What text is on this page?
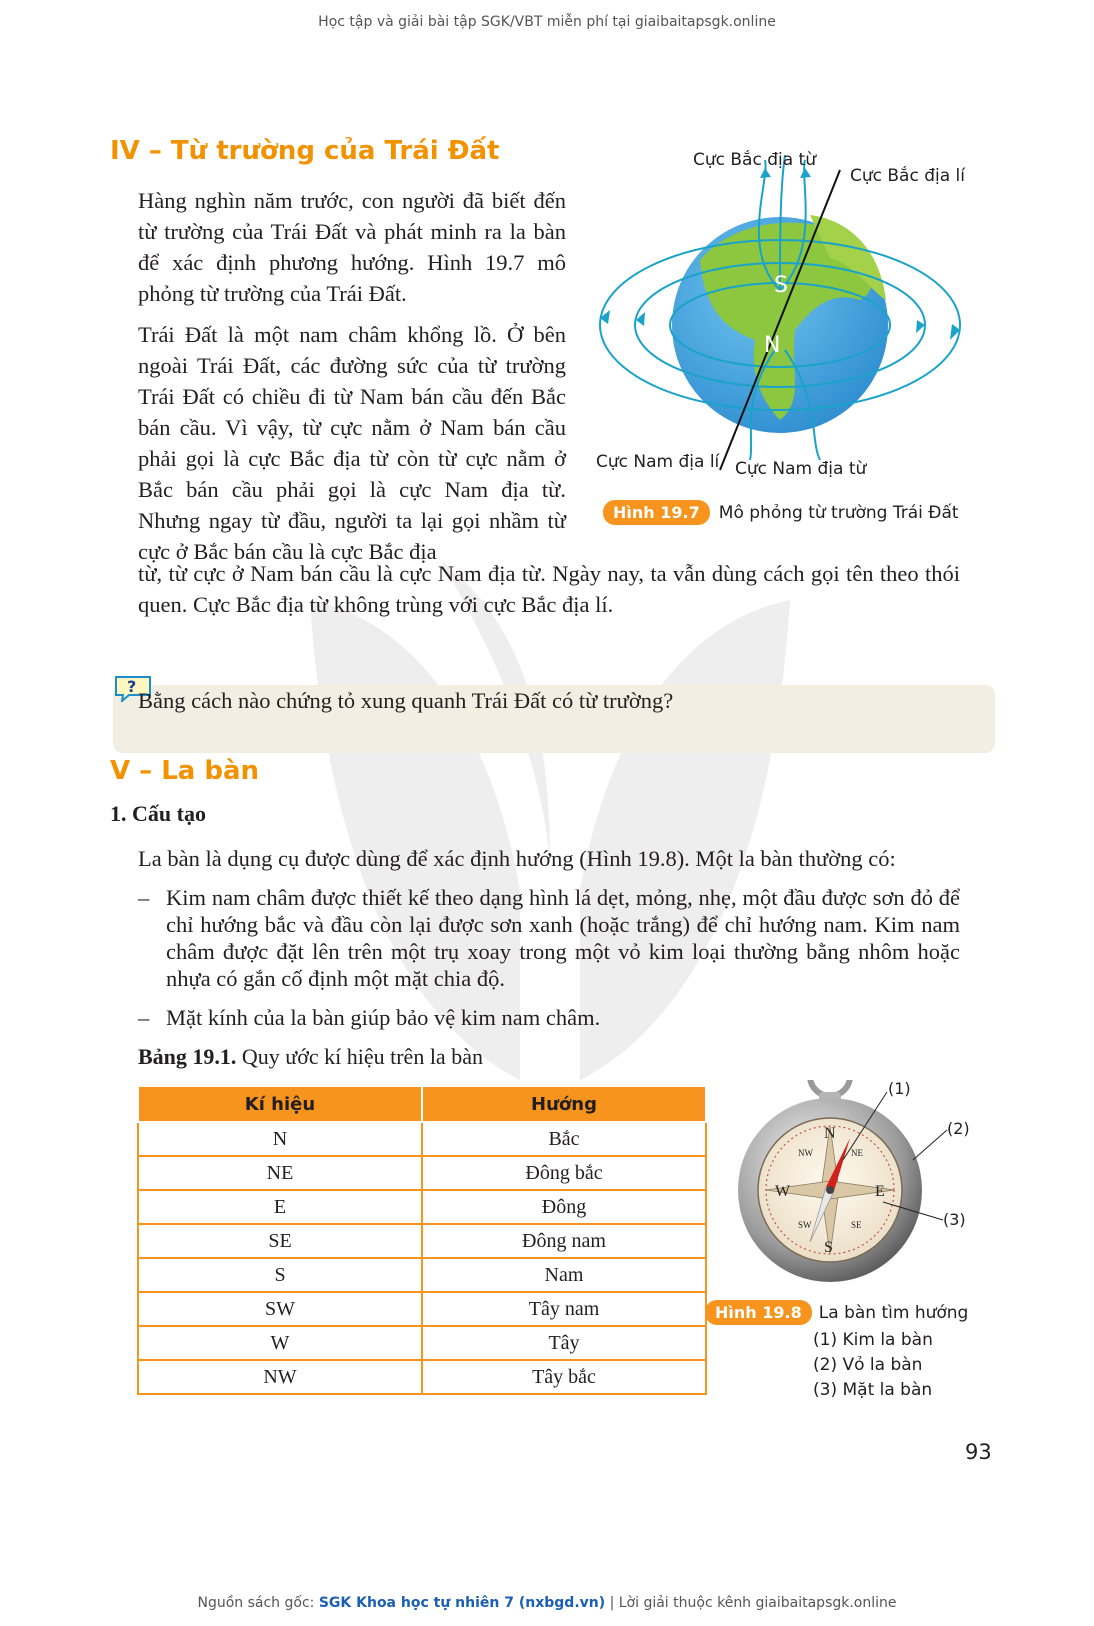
Học tập và giải bài tập SGK/VBT miễn phí tại giaibaitapsgk.online
IV – Từ trường của Trái Đất

Hàng nghìn năm trước, con người đã biết đến từ trường của Trái Đất và phát minh ra la bàn để xác định phương hướng. Hình 19.7 mô phỏng từ trường của Trái Đất.

Trái Đất là một nam châm khổng lồ. Ở bên ngoài Trái Đất, các đường sức của từ trường Trái Đất có chiều đi từ Nam bán cầu đến Bắc bán cầu. Vì vậy, từ cực nằm ở Nam bán cầu phải gọi là cực Bắc địa từ còn từ cực nằm ở Bắc bán cầu phải gọi là cực Nam địa từ. Nhưng ngay từ đầu, người ta lại gọi nhầm từ cực ở Bắc bán cầu là cực Bắc địa

từ, từ cực ở Nam bán cầu là cực Nam địa từ. Ngày nay, ta vẫn dùng cách gọi tên theo thói quen. Cực Bắc địa từ không trùng với cực Bắc địa lí.
S
N
Cực Bắc địa từ
Cực Bắc địa lí
Cực Nam địa lí Cực Nam địa từ
Hình 19.7 Mô phỏng từ trường Trái Đất
?
Bằng cách nào chứng tỏ xung quanh Trái Đất có từ trường?
V – La bàn
1. Cấu tạo
La bàn là dụng cụ được dùng để xác định hướng (Hình 19.8). Một la bàn thường có:
– Kim nam châm được thiết kế theo dạng hình lá dẹt, mỏng, nhẹ, một đầu được sơn đỏ để chỉ hướng bắc và đầu còn lại được sơn xanh (hoặc trắng) để chỉ hướng nam. Kim nam châm được đặt lên trên một trụ xoay trong một vỏ kim loại thường bằng nhôm hoặc nhựa có gắn cố định một mặt chia độ.
– Mặt kính của la bàn giúp bảo vệ kim nam châm.
Bảng 19.1. Quy ước kí hiệu trên la bàn
Kí hiệu	Hướng
N	Bắc
NE	Đông bắc
E	Đông
SE	Đông nam
S	Nam
SW	Tây nam
W	Tây
NW	Tây bắc
N
S
E
W
NE
NW
SE
SW
(1)
(2)
(3)
Hình 19.8 La bàn tìm hướng
(1) Kim la bàn
(2) Vỏ la bàn
(3) Mặt la bàn
93
Nguồn sách gốc: SGK Khoa học tự nhiên 7 (nxbgd.vn) | Lời giải thuộc kênh giaibaitapsgk.online
